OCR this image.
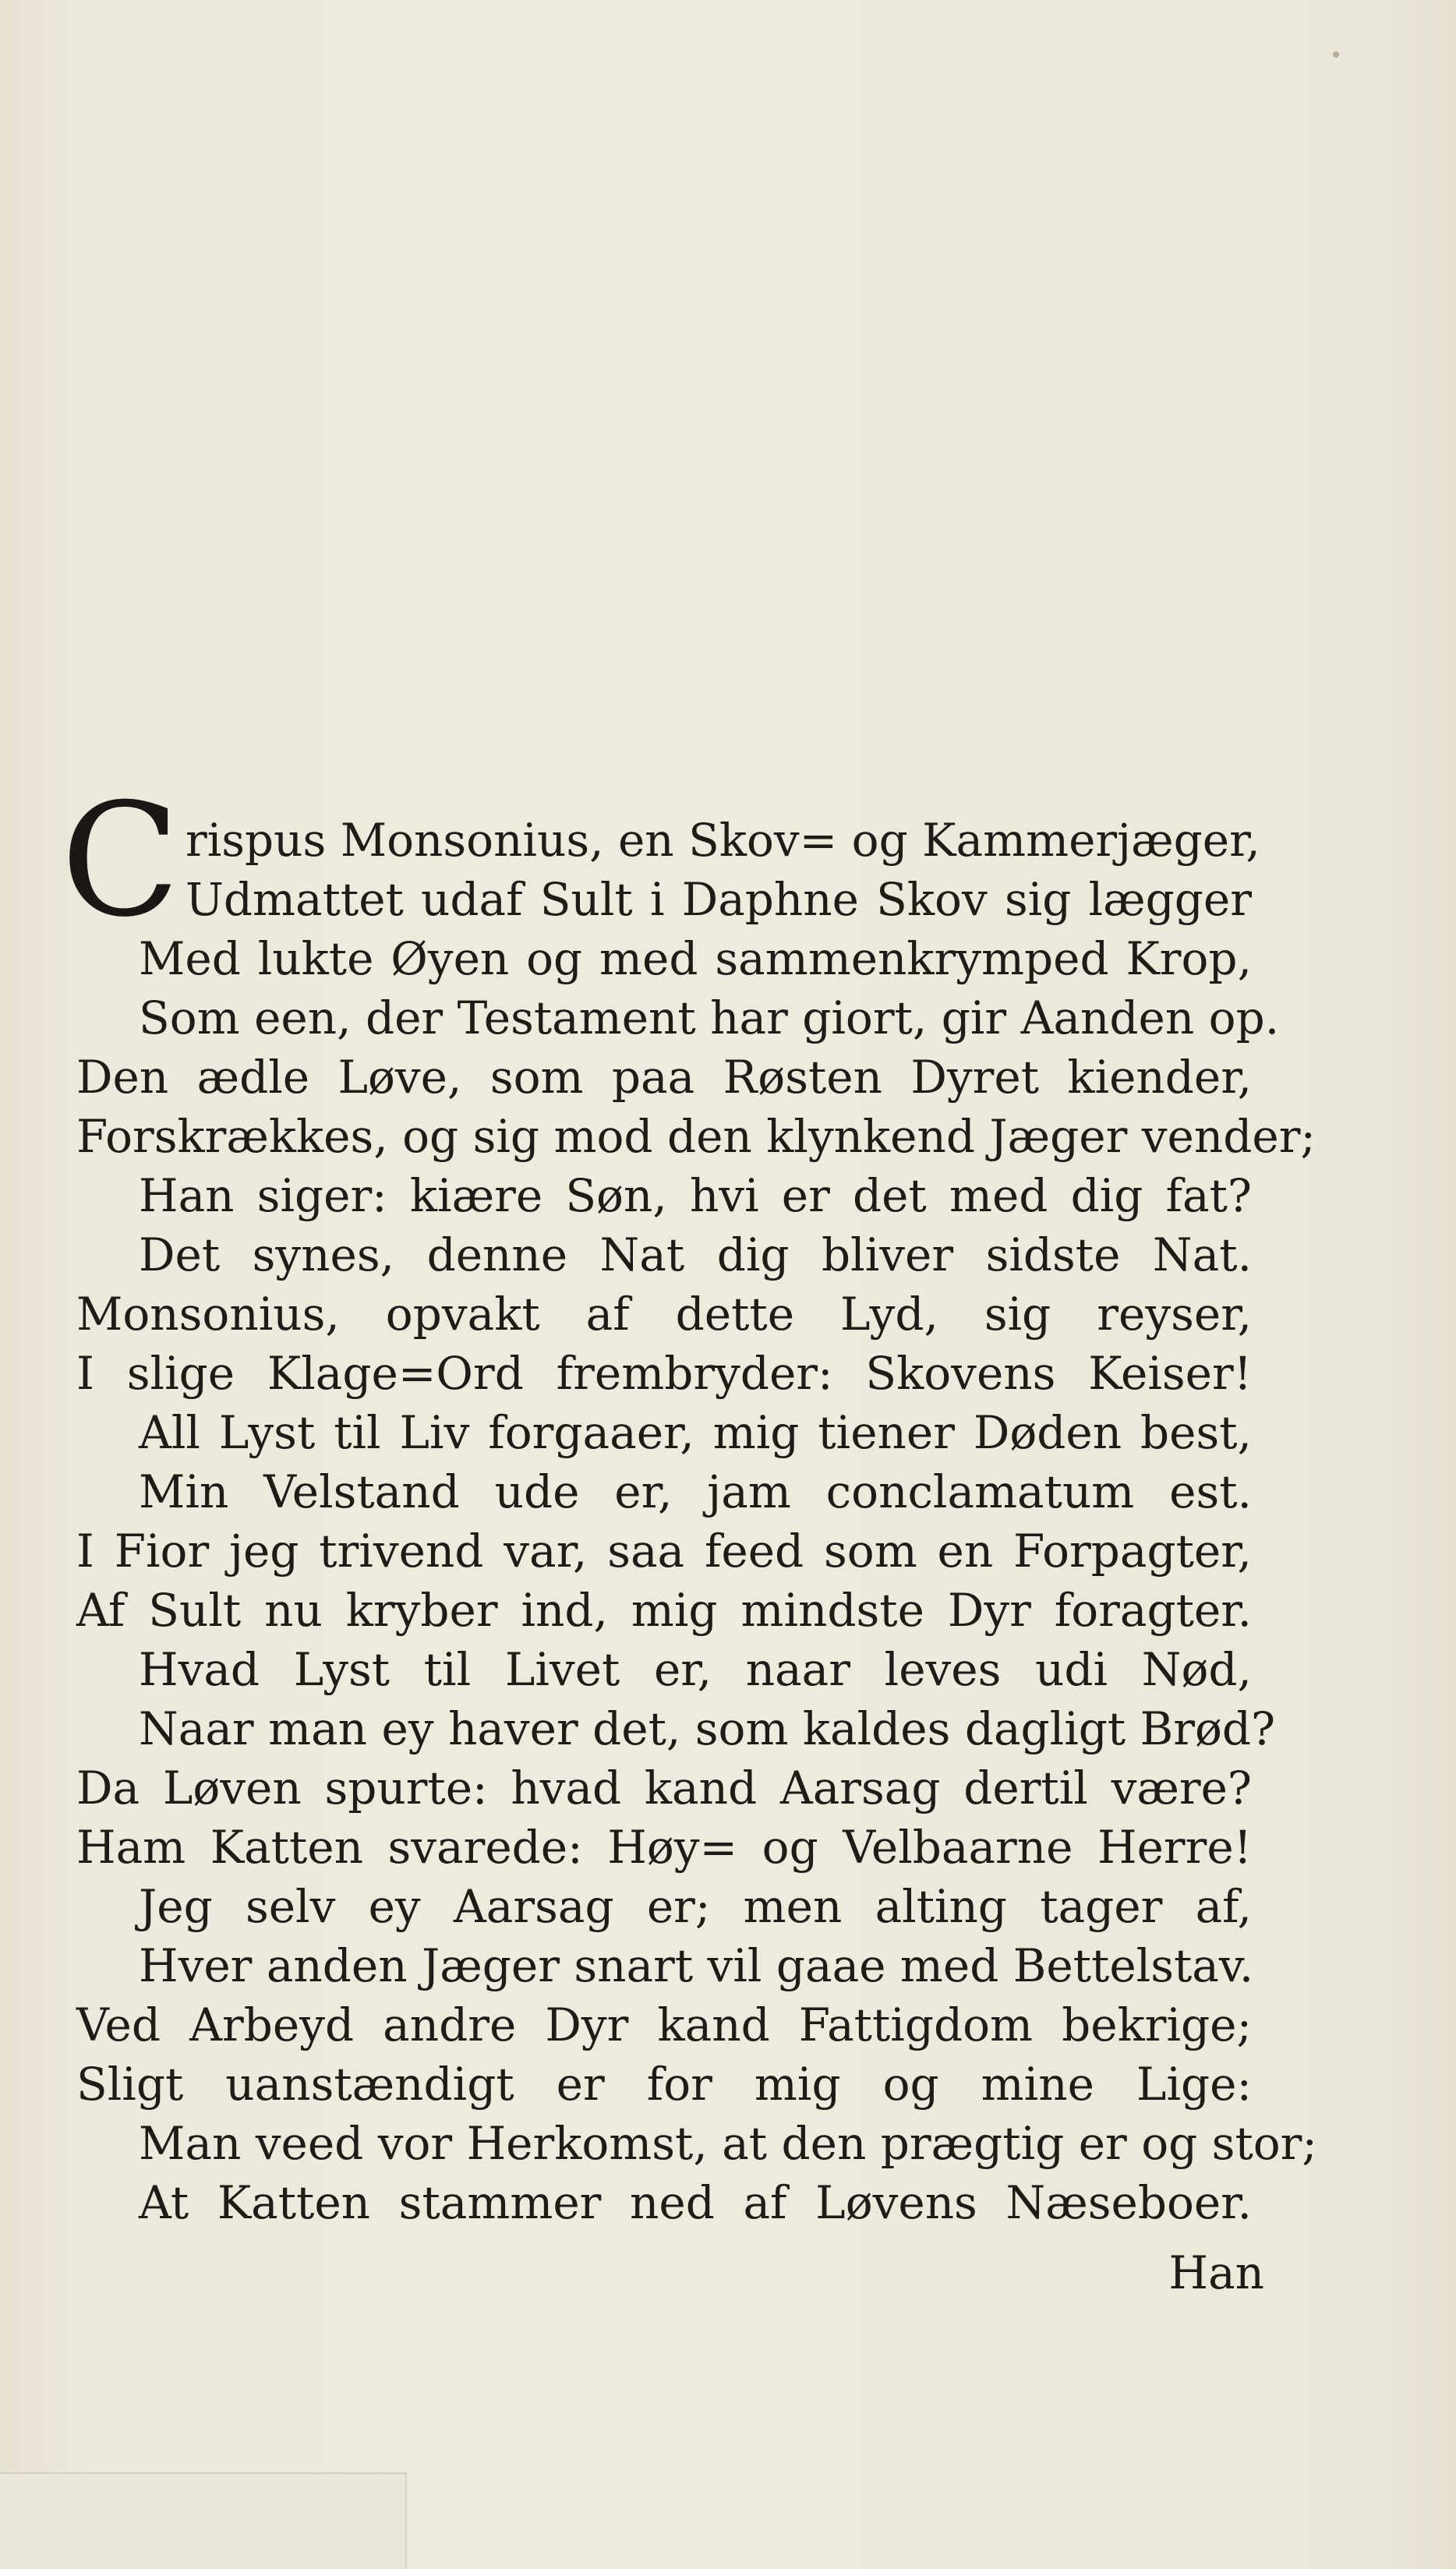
C rispus Monsonius, en Skov= og Kammerjæger,
Udmattet udaf Sult i Daphne Skov sig lægger
Med lukte Øyen og med sammenkrymped Krop,
Som een, der Testament har giort, gir Aanden op.
Den ædle Løve, som paa Røsten Dyret kiender,
Forskrækkes, og sig mod den klynkend Jæger vender;
Han siger: kiære Søn, hvi er det med dig fat?
Det synes, denne Nat dig bliver sidste Nat.
Monsonius, opvakt af dette Lyd, sig reyser,
I slige Klage=Ord frembryder: Skovens Keiser!
All Lyst til Liv forgaaer, mig tiener Døden best,
Min Velstand ude er, jam conclamatum est.
I Fior jeg trivend var, saa feed som en Forpagter,
Af Sult nu kryber ind, mig mindste Dyr foragter.
Hvad Lyst til Livet er, naar leves udi Nød,
Naar man ey haver det, som kaldes dagligt Brød?
Da Løven spurte: hvad kand Aarsag dertil være?
Ham Katten svarede: Høy= og Velbaarne Herre!
Jeg selv ey Aarsag er; men alting tager af,
Hver anden Jæger snart vil gaae med Bettelstav.
Ved Arbeyd andre Dyr kand Fattigdom bekrige;
Sligt uanstændigt er for mig og mine Lige:
Man veed vor Herkomst, at den prægtig er og stor;
At Katten stammer ned af Løvens Næseboer.
Han
